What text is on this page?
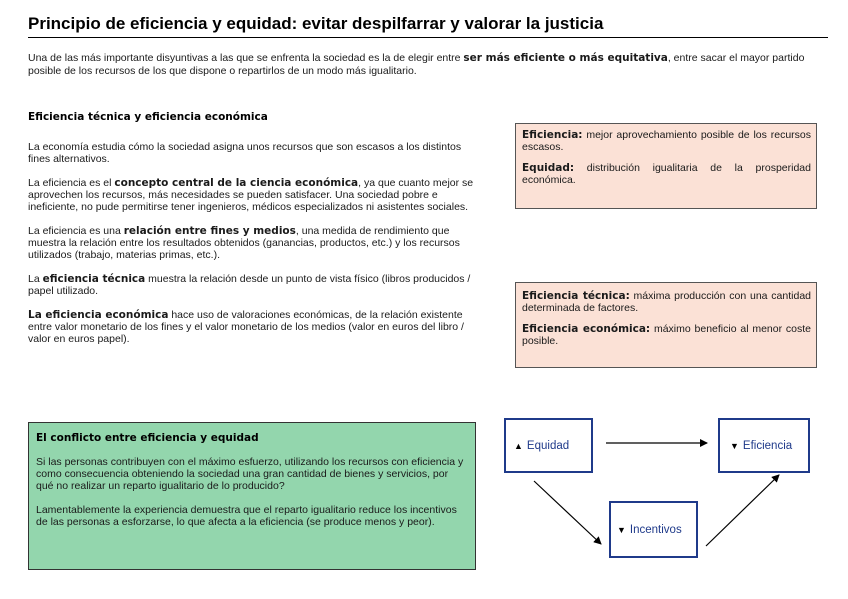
Principio de eficiencia y equidad: evitar despilfarrar y valorar la justicia
Una de las más importante disyuntivas a las que se enfrenta la sociedad es la de elegir entre ser más eficiente o más equitativa, entre sacar el mayor partido posible de los recursos de los que dispone o repartirlos de un modo más igualitario.
Eficiencia técnica y eficiencia económica

La economía estudia cómo la sociedad asigna unos recursos que son escasos a los distintos fines alternativos.

La eficiencia es el concepto central de la ciencia económica, ya que cuanto mejor se aprovechen los recursos, más necesidades se pueden satisfacer. Una sociedad pobre e ineficiente, no pude permitirse tener ingenieros, médicos especializados ni asistentes sociales.

La eficiencia es una relación entre fines y medios, una medida de rendimiento que muestra la relación entre los resultados obtenidos (ganancias, productos, etc.) y los recursos utilizados (trabajo, materias primas, etc.).

La eficiencia técnica muestra la relación desde un punto de vista físico (libros producidos / papel utilizado.

La eficiencia económica hace uso de valoraciones económicas, de la relación existente entre valor monetario de los fines y el valor monetario de los medios (valor en euros del libro / valor en euros papel).

Eficiencia: mejor aprovechamiento posible de los recursos escasos.

Equidad: distribución igualitaria de la prosperidad económica.

Eficiencia técnica: máxima producción con una cantidad determinada de factores.

Eficiencia económica: máximo beneficio al menor coste posible.

El conflicto entre eficiencia y equidad

Si las personas contribuyen con el máximo esfuerzo, utilizando los recursos con eficiencia y como consecuencia obteniendo la sociedad una gran cantidad de bienes y servicios, por qué no realizar un reparto igualitario de lo producido?

Lamentablemente la experiencia demuestra que el reparto igualitario reduce los incentivos de las personas a esforzarse, lo que afecta a la eficiencia (se produce menos y peor).

▲ Equidad	▼ Eficiencia
▼ Incentivos
